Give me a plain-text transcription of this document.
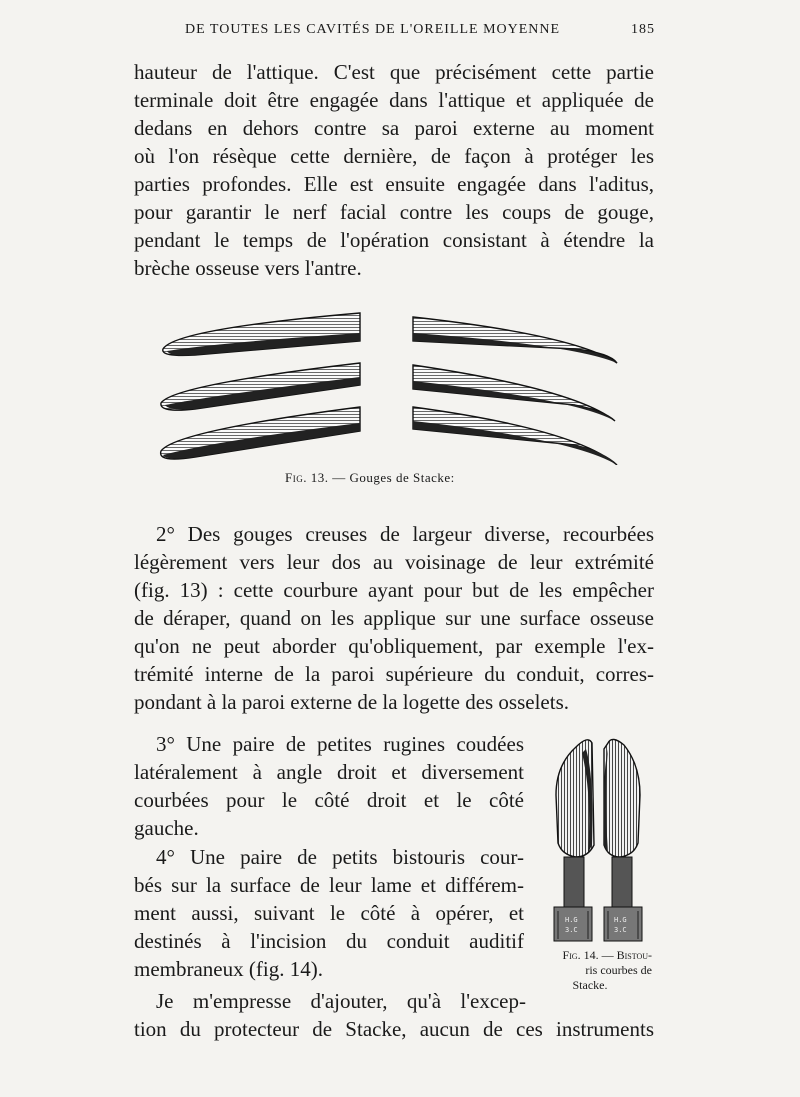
DE TOUTES LES CAVITÉS DE L'OREILLE MOYENNE	185
hauteur de l'attique. C'est que précisément cette partie
terminale doit être engagée dans l'attique et appliquée de
dedans en dehors contre sa paroi externe au moment
où l'on résèque cette dernière, de façon à protéger les
parties profondes. Elle est ensuite engagée dans l'aditus,
pour garantir le nerf facial contre les coups de gouge,
pendant le temps de l'opération consistant à étendre la
brèche osseuse vers l'antre.
Fig. 13. — Gouges de Stacke:
2° Des gouges creuses de largeur diverse, recourbées
légèrement vers leur dos au voisinage de leur extrémité
(fig. 13) : cette courbure ayant pour but de les empêcher
de déraper, quand on les applique sur une surface osseuse
qu'on ne peut aborder qu'obliquement, par exemple l'ex-
trémité interne de la paroi supérieure du conduit, corres-
pondant à la paroi externe de la logette des osselets.
3° Une paire de petites rugines coudées
latéralement à angle droit et diversement
courbées pour le côté droit et le côté
gauche.
4° Une paire de petits bistouris cour-
bés sur la surface de leur lame et différem-
ment aussi, suivant le côté à opérer, et
destinés à l'incision du conduit auditif
membraneux (fig. 14).
H.G
3.C
H.G
3.C
Fig. 14. — Bistou-
ris courbes de
Stacke.
Je m'empresse d'ajouter, qu'à l'excep-
tion du protecteur de Stacke, aucun de ces instruments
